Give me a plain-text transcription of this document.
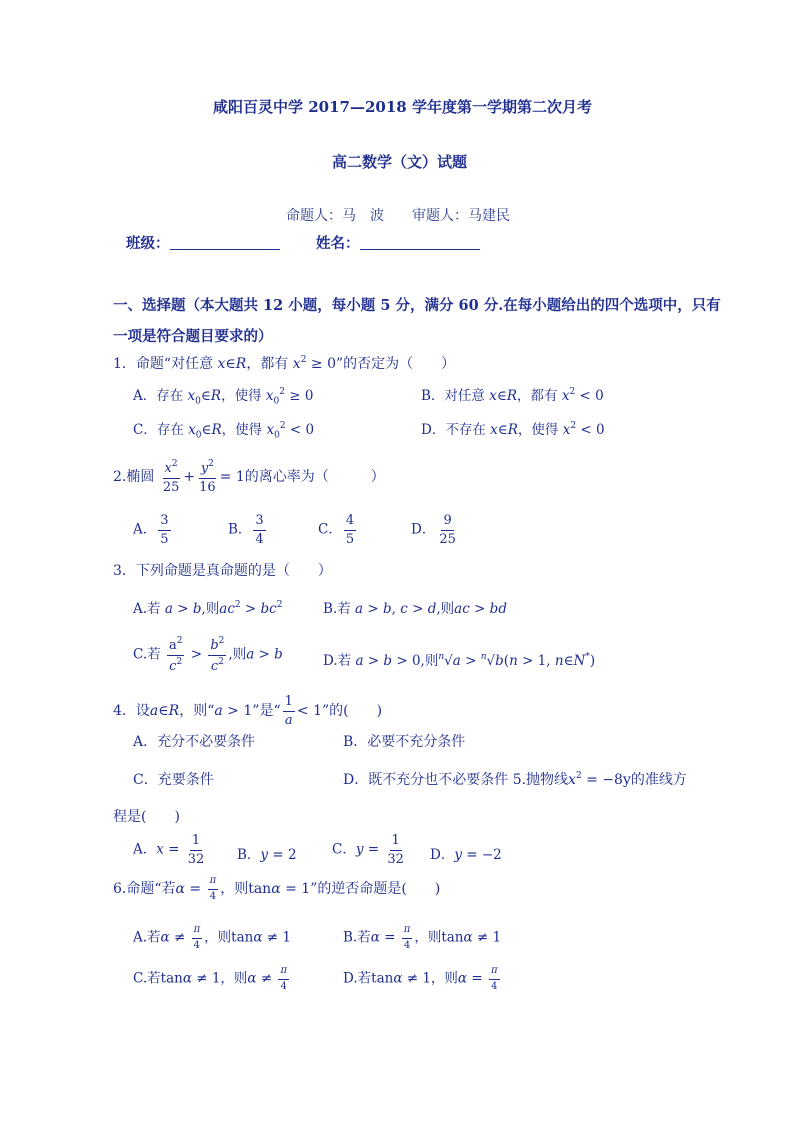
咸阳百灵中学 2017—2018 学年度第一学期第二次月考
高二数学（文）试题
命题人：马　波　　审题人：马建民
班级：	姓名：
一、选择题（本大题共 12 小题，每小题 5 分，满分 60 分.在每小题给出的四个选项中，只有
一项是符合题目要求的）
1．命题“对任意 x∈R，都有 $x^2 \ge 0$”的否定为（　　）
A．存在 $x_0\in R$，使得 $x_0^2 \ge 0$	B．对任意 x∈R，都有 $x^2 < 0$
C．存在 $x_0\in R$，使得 $x_0^2 < 0$	D．不存在 x∈R，使得 $x^2 < 0$
2.椭圆 $\frac{x^2}{25} + \frac{y^2}{16} = 1$的离心率为（　　　）
A． $\frac{3}{5}$	B． $\frac{3}{4}$	C． $\frac{4}{5}$	D． $\frac{9}{25}$
3．下列命题是真命题的是（　　）
A.若 a > b,则$ac^2 > bc^2$	B.若 a > b, c > d,则ac > bd
C.若 $\frac{a^2}{c^2} > \frac{b^2}{c^2}$ ,则a > b	D.若 a > b > 0,则$^n$√a > $^n$√b(n > 1, n∈N*)
4．设a∈R，则“a > 1”是“ $\frac{1}{a} < 1$”的(　　)
A．充分不必要条件	B．必要不充分条件
C．充要条件	D．既不充分也不必要条件 5.抛物线$x^2 = -8y$的准线方
程是(　　)
A．$x = \frac{1}{32}$ B．y = 2	C．$y = \frac{1}{32}$ D．y = −2
6.命题“若$\alpha = \frac{\pi}{4}$ ，则tanα = 1”的逆否命题是(　　)
A.若$\alpha \ne \frac{\pi}{4}$ ，则tanα ≠ 1	B.若$\alpha = \frac{\pi}{4}$ ，则tanα ≠ 1
C.若tanα ≠ 1，则$\alpha \ne \frac{\pi}{4}$	D.若tanα ≠ 1，则$\alpha = \frac{\pi}{4}$
